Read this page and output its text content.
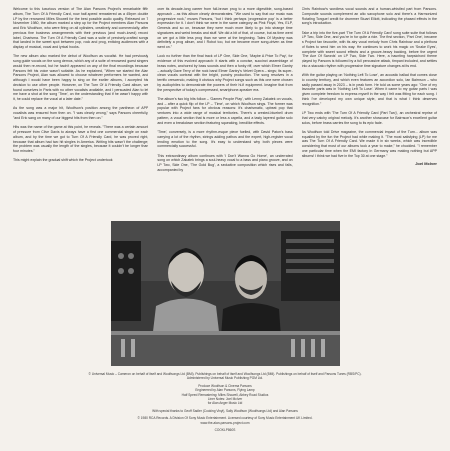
Welcome to this luxurious version of The Alan Parsons Project's remarkable fifth album, The Turn Of A Friendly Card, now half-speed remastered as a 45rpm double LP by the renowned Miles Showell for the best possible audio quality. Released on 7 November 1980, the album marked a step up for the Project members Alan Parsons and Eric Woolfson, who were firing on all cylinders, creatively and commercially, after previous fine business arrangements with their previous (and much-loved) record label, Charisma. The Turn Of A Friendly Card was a suite of precisely-crafted songs that landed in the sweet spot between pop, rock and prog, enticing audiences with a display of musical, vocal and lyrical hooks.

The new album also marked the debut of Woolfson as vocalist. He had previously sung guide vocals on the song demos, which any of a suite of renowned guest singers would then re-record, but he hadn't appeared on any of the final recordings because Parsons felt his voice wasn't suitable. As he explained, "When we started the Alan Parsons Project, Alan was allowed to choose whatever performers he wanted, and although I would have been happy to sing on the earlier albums, I accepted his decision to use other people. However, on The Turn Of A Friendly Card album, we found ourselves in Paris with no other vocalists available, and I persuaded Alan to let me have a shot at the song 'Time', on the understanding that if he wasn't happy with it, he could replace the vocal at a later date."

As the song was a major hit, Woolfson's position among the pantheon of APP vocalists was ensured from then on. "I was clearly wrong," says Parsons cheerfully, "and Eric sang on many of our biggest hits from then on."

Hits was the name of the game at this point, he reveals. "There was a certain amount of pressure from Clive Davis to always have a first one commercial single on each album, and by the time we got to Turn Of A Friendly Card, he was proved right, because that album had two hit singles in America. Writing hits wasn't the challenge; the problem was usually the length of the singles, because it couldn't be longer than four minutes."

This might explain the gradual shift which the Project undertook

over its decade-long career from full-brown prog to a more digestible, song-based approach – as this album clearly demonstrates. "We used to say that our music was progressive rock," muses Parsons, "but I think perhaps 'progressive pop' is a better expression for it. I don't think we were in the same category as Pink Floyd, Yes, ELP, Genesis and so on, because they were much more likely to go into strange time signatures and weird breaks and stuff. We did a bit of that, of course, but as time went on we got a little less prog than we were at the beginning. Tales Of Mystery was definitely a prog album, and I Robot too, but we became more song-driven as time went on."

Look no further than the final track of LP One, Side One, 'Maybe A Price To Pay', for evidence of this evolved approach: it starts with a concise, succinct assemblage of brass notes, anchored by bass sounds and then a funky riff, over which Elmer Gantry – actually Dave Terry of the rock band Elmer Gantry's Velvet Opera – sings; its super-clean vocals contrast with the bright, punchy production. The song resolves in a terrific crescendo, making it obvious why Project songs such as this one were chosen by audiophiles to demonstrate the powers of their hi-fi equipment. Imagine that from the perspective of today's compressed, smartphone-speaker era.

The album's two big hits follow – 'Games People Play', with Lenny Zakatek on vocals, and – after a quick flip of the LP – 'Time', on which Woolfson sings. The former was popular with Project fans for obvious reasons: it's charismatic, upbeat pop that ventures into a wide range of musical territories. There's a crested-bluebell drum pattern, a vocal section that is more or less a capella, and a tasty layered guitar solo and even a breakdown section featuring squeaking, bendlike effects.

'Time', conversely, is a more rhythm-esque piece fuelled, with David Paton's bass carrying a lot of the rhythm, strings adding pathos and the expert, high-register vocal lending emotion to the song. It's easy to understand why both pieces were commercially successful.

This extraordinary album continues with 'I Don't Wanna Go Home', an underrated song on which Zakatek brings a soul-heavy vocal to a bass and piano groove, and on LP Two, Side One, 'The Gold Bug', a seductive composition which rises and falls, accompanied by

Chris Rainbow's wordless vocal sounds and a human-whistled part from Parsons. Composite sounds complement an alto saxophone solo and there's a Harmonized Rotating Tongue! credit for drummer Stuart Elliott, indicating the phased effects in the song's introduction.

Take a trip into the five-part 'The Turn Of A Friendly Card' song suite suite that follows LP Two, Side One, and you're in for quite a ride. The first section, 'Part One', became a Project fan favourite, with its airy vocal melody from Chris Rainbow and a plethora of flutes to send him on his way. He continues to work his magic on 'Snake Eyes', complete with sweet sound effects and a groove-heavy backing, before the urgent 'The Ace Of Swords' on LP Two, Side Two. Here, a haunting harpsichord theme played by Parsons is followed by a full percussive attack, timpani included, and settles into a staccato rhythm with progressive time signature changes at its end.

With the guitar playing on 'Nothing Left To Lose', an acoustic ballad that comes close to country territory, and which even features an accordion solo, Ian Bairnson – who sadly passed away in 2023 – is in peak form. He told us some years ago: "One of my favourite parts was in 'Nothing Left To Lose'. When it came to my guitar parts I was given complete freedom to express myself in the way I felt was fitting for each song. I think I've developed my own unique style, and that is what I think deserves recognition."

LP Two ends with 'The Turn Of A Friendly Card (Part Two)', an orchestral reprise of that very catchy original melody. It's another showcase for Bairnson's excellent guitar solos, before brass carries the song to its epic fade.

As Woolfson told Drive magazine, the commercial impact of the Turn... album was equalled by the fun the Project had while making it. "The most satisfying (LP) for me was The Turn Of A Friendly Card. We made it in six weeks, which was incredible considering that most of our albums took a year to make," he chuckled. "I remember one particular time when the EMI factory in Germany was making nothing but APP albums! I think we had five in the Top 30 at one stage."

Joel McIver
© Universal Music – Cameron on behalf of itself and Woolfsongs Ltd (BMI). Publishings on behalf of itself and Woolfsongs Ltd (BMI). Publishings on behalf of itself and Parsons Tunes (RBS/PC).
Administered by Universal Music Publishing PGM Ltd.
Produce Woolfson & Cinema Parsons
Engineered by Alan Parsons, Flying Lamp
Half Speed Remastering: Miles Showell, Abbey Road Studios
Liner Notes: Joel McIver
for Alan Anger Music Ltd
With special thanks to Geoff Sadler (Cooking Vinyl), Sally Woolfson (Woolfsongs Ltd) and Alan Parsons
© 1980 RCA Records. A Division Of Sony Music Entertainment. Licensed courtesy of Sony Music Entertainment UK Limited.
www.the-alan-parsons-project.com
COOKLP860S
